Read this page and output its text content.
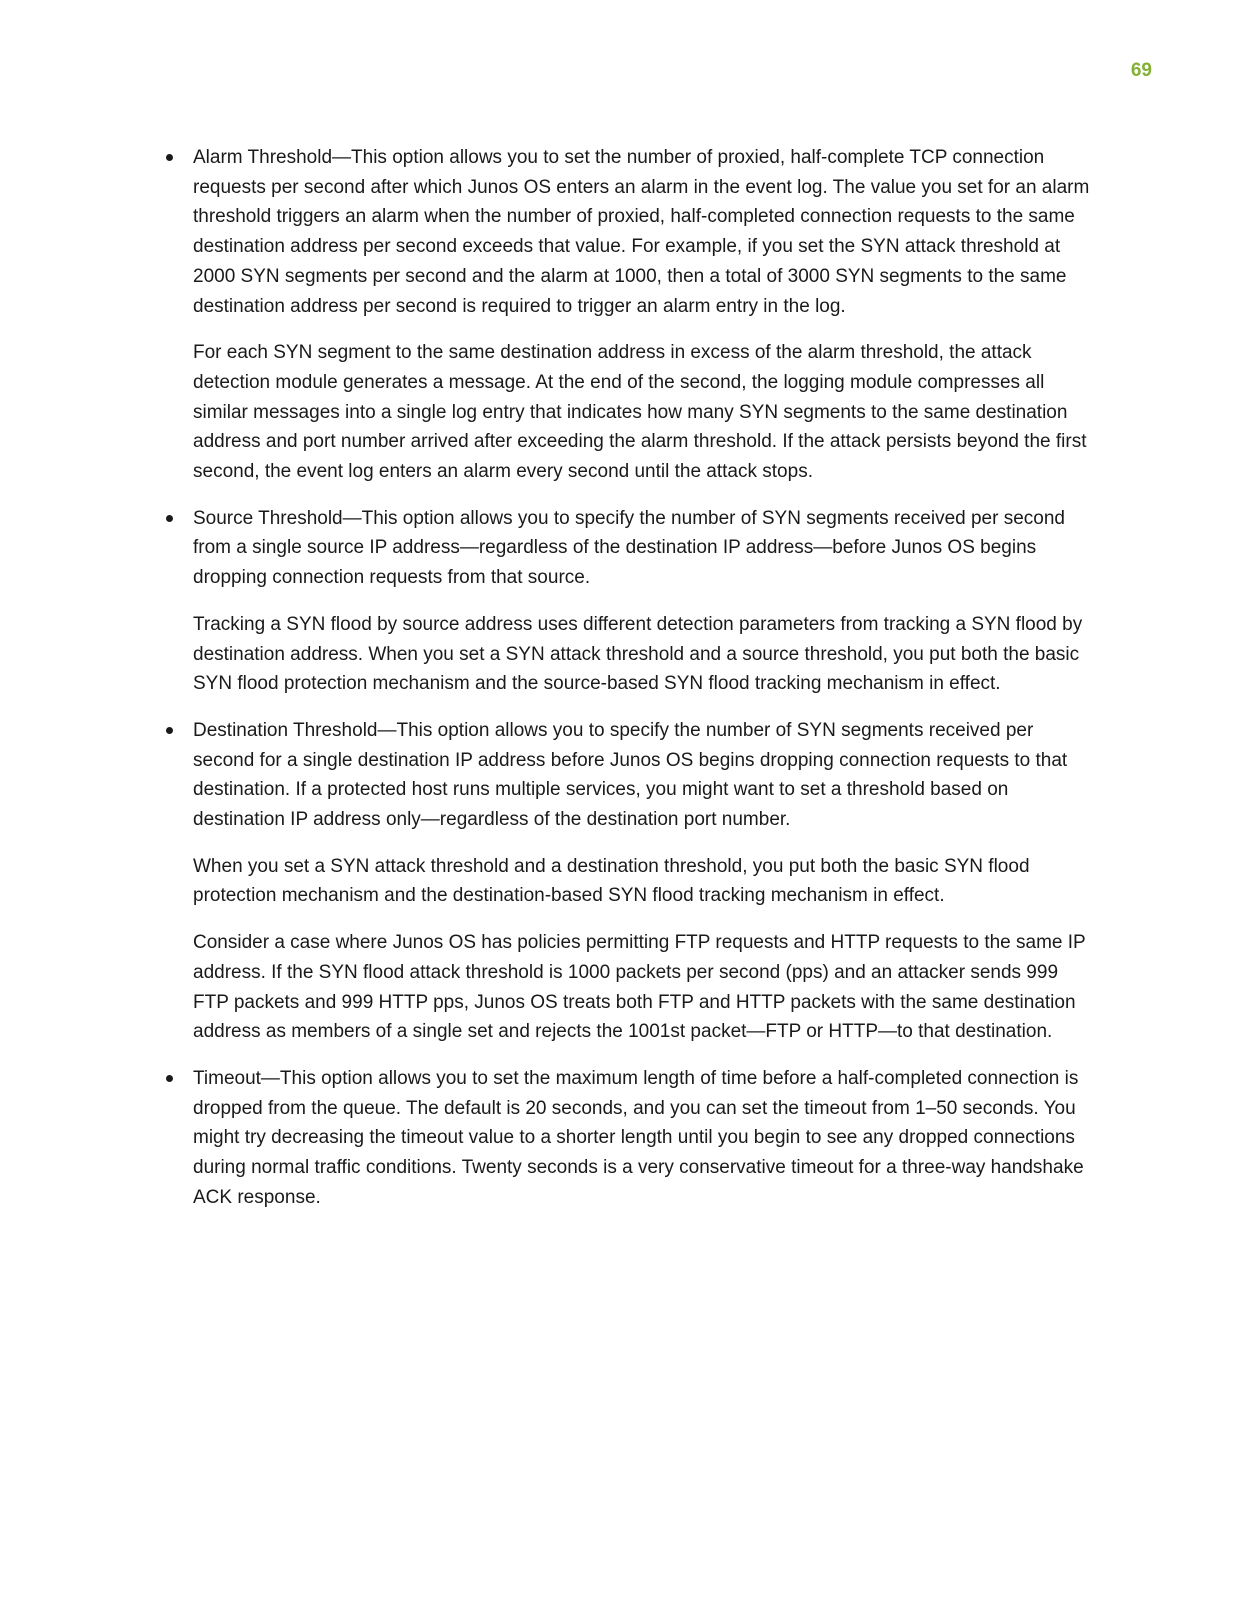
69

Alarm Threshold—This option allows you to set the number of proxied, half-complete TCP connection requests per second after which Junos OS enters an alarm in the event log. The value you set for an alarm threshold triggers an alarm when the number of proxied, half-completed connection requests to the same destination address per second exceeds that value. For example, if you set the SYN attack threshold at 2000 SYN segments per second and the alarm at 1000, then a total of 3000 SYN segments to the same destination address per second is required to trigger an alarm entry in the log.

For each SYN segment to the same destination address in excess of the alarm threshold, the attack detection module generates a message. At the end of the second, the logging module compresses all similar messages into a single log entry that indicates how many SYN segments to the same destination address and port number arrived after exceeding the alarm threshold. If the attack persists beyond the first second, the event log enters an alarm every second until the attack stops.

Source Threshold—This option allows you to specify the number of SYN segments received per second from a single source IP address—regardless of the destination IP address—before Junos OS begins dropping connection requests from that source.

Tracking a SYN flood by source address uses different detection parameters from tracking a SYN flood by destination address. When you set a SYN attack threshold and a source threshold, you put both the basic SYN flood protection mechanism and the source-based SYN flood tracking mechanism in effect.

Destination Threshold—This option allows you to specify the number of SYN segments received per second for a single destination IP address before Junos OS begins dropping connection requests to that destination. If a protected host runs multiple services, you might want to set a threshold based on destination IP address only—regardless of the destination port number.

When you set a SYN attack threshold and a destination threshold, you put both the basic SYN flood protection mechanism and the destination-based SYN flood tracking mechanism in effect.

Consider a case where Junos OS has policies permitting FTP requests and HTTP requests to the same IP address. If the SYN flood attack threshold is 1000 packets per second (pps) and an attacker sends 999 FTP packets and 999 HTTP pps, Junos OS treats both FTP and HTTP packets with the same destination address as members of a single set and rejects the 1001st packet—FTP or HTTP—to that destination.

Timeout—This option allows you to set the maximum length of time before a half-completed connection is dropped from the queue. The default is 20 seconds, and you can set the timeout from 1–50 seconds. You might try decreasing the timeout value to a shorter length until you begin to see any dropped connections during normal traffic conditions. Twenty seconds is a very conservative timeout for a three-way handshake ACK response.
